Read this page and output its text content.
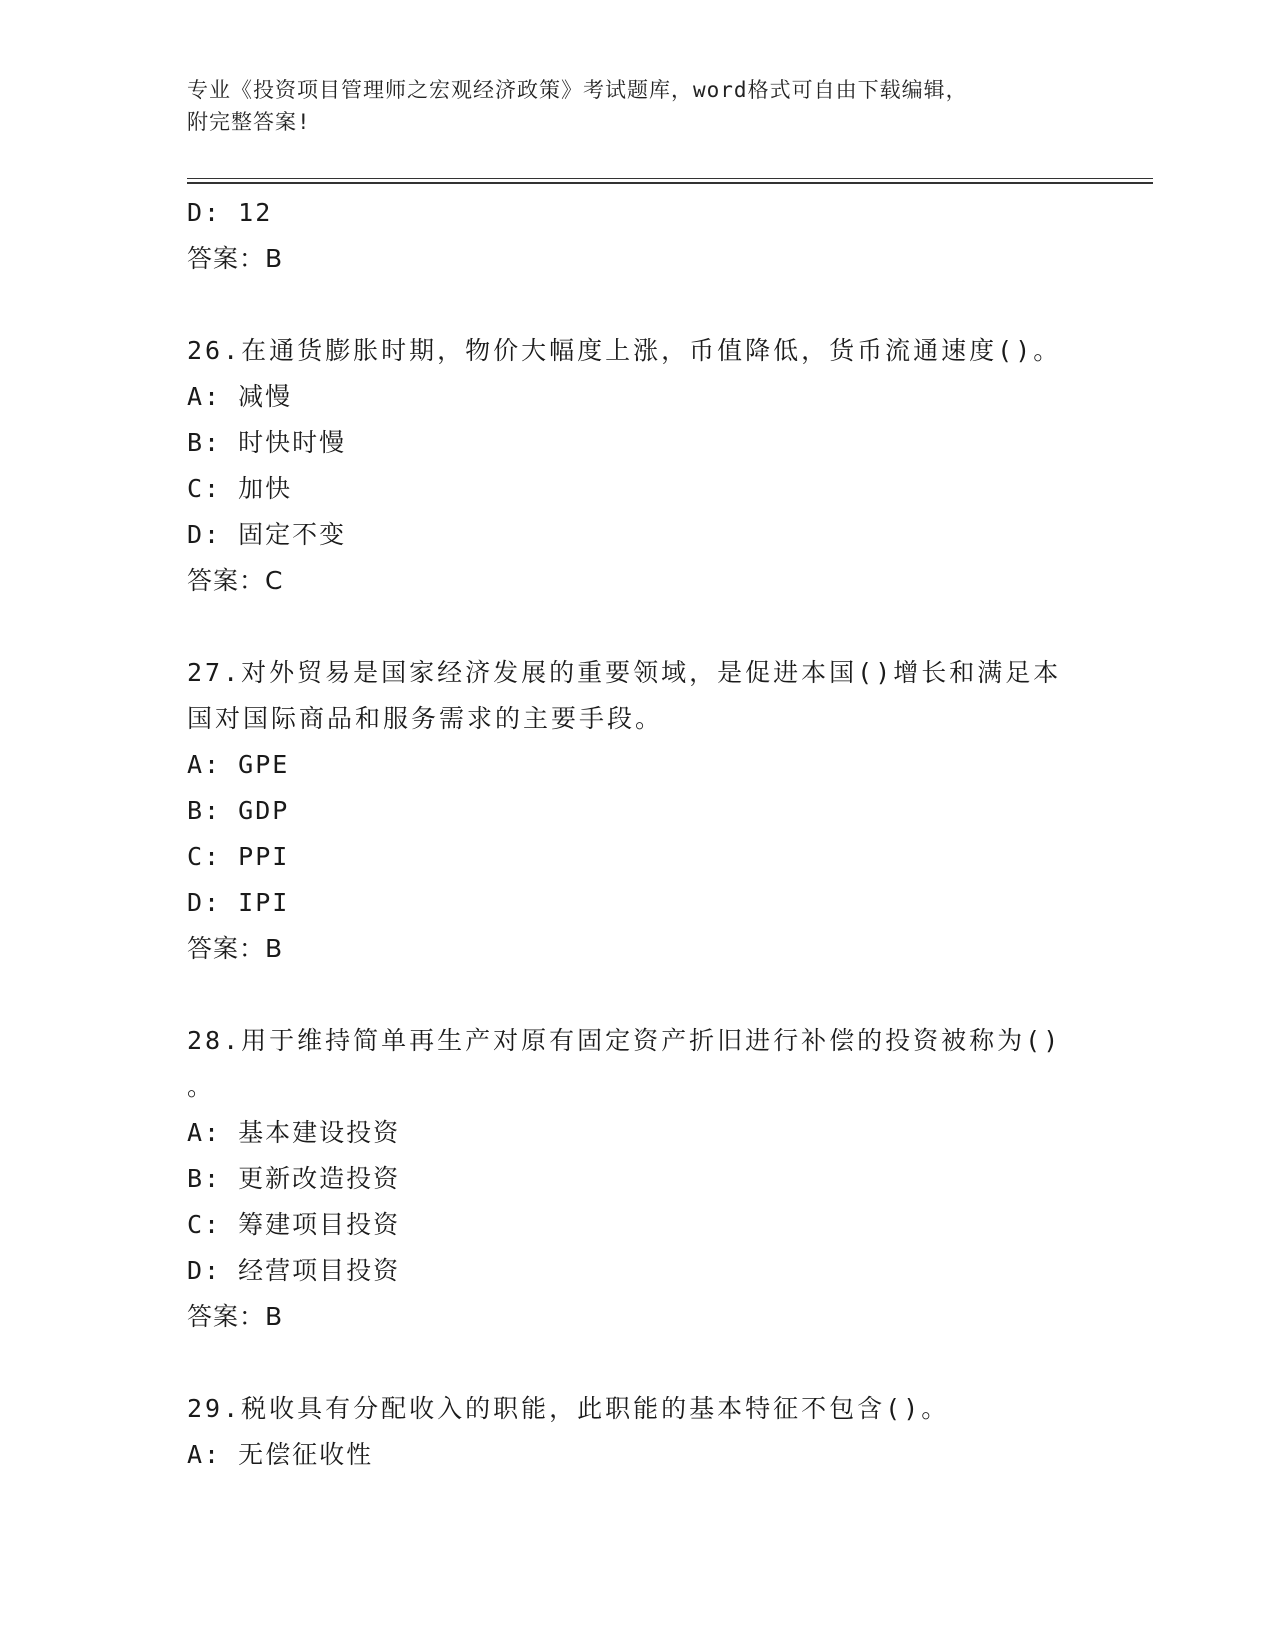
专业《投资项目管理师之宏观经济政策》考试题库，word格式可自由下载编辑，
附完整答案!
D: 12
答案：B
26.在通货膨胀时期，物价大幅度上涨，币值降低，货币流通速度()。
A: 减慢
B: 时快时慢
C: 加快
D: 固定不变
答案：C
27.对外贸易是国家经济发展的重要领域，是促进本国()增长和满足本
国对国际商品和服务需求的主要手段。
A: GPE
B: GDP
C: PPI
D: IPI
答案：B
28.用于维持简单再生产对原有固定资产折旧进行补偿的投资被称为()
。
A: 基本建设投资
B: 更新改造投资
C: 筹建项目投资
D: 经营项目投资
答案：B
29.税收具有分配收入的职能，此职能的基本特征不包含()。
A: 无偿征收性
